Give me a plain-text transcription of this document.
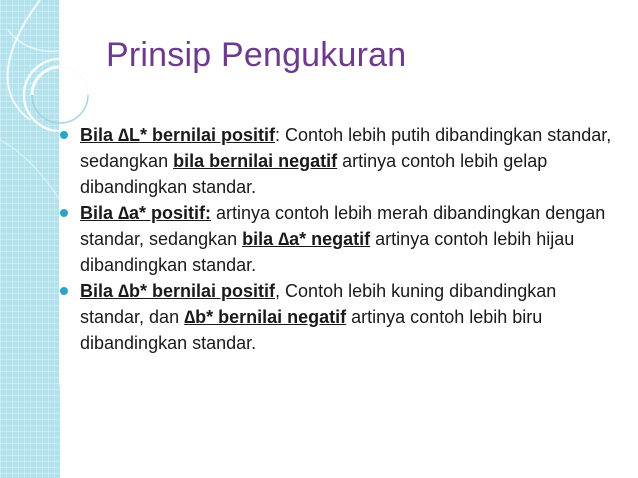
Prinsip Pengukuran
Bila ∆L* bernilai positif: Contoh lebih putih dibandingkan standar, sedangkan bila bernilai negatif artinya contoh lebih gelap dibandingkan standar.
Bila ∆a* positif: artinya contoh lebih merah dibandingkan dengan standar, sedangkan bila ∆a* negatif artinya contoh lebih hijau dibandingkan standar.
Bila ∆b* bernilai positif, Contoh lebih kuning dibandingkan standar, dan ∆b* bernilai negatif artinya contoh lebih biru dibandingkan standar.
